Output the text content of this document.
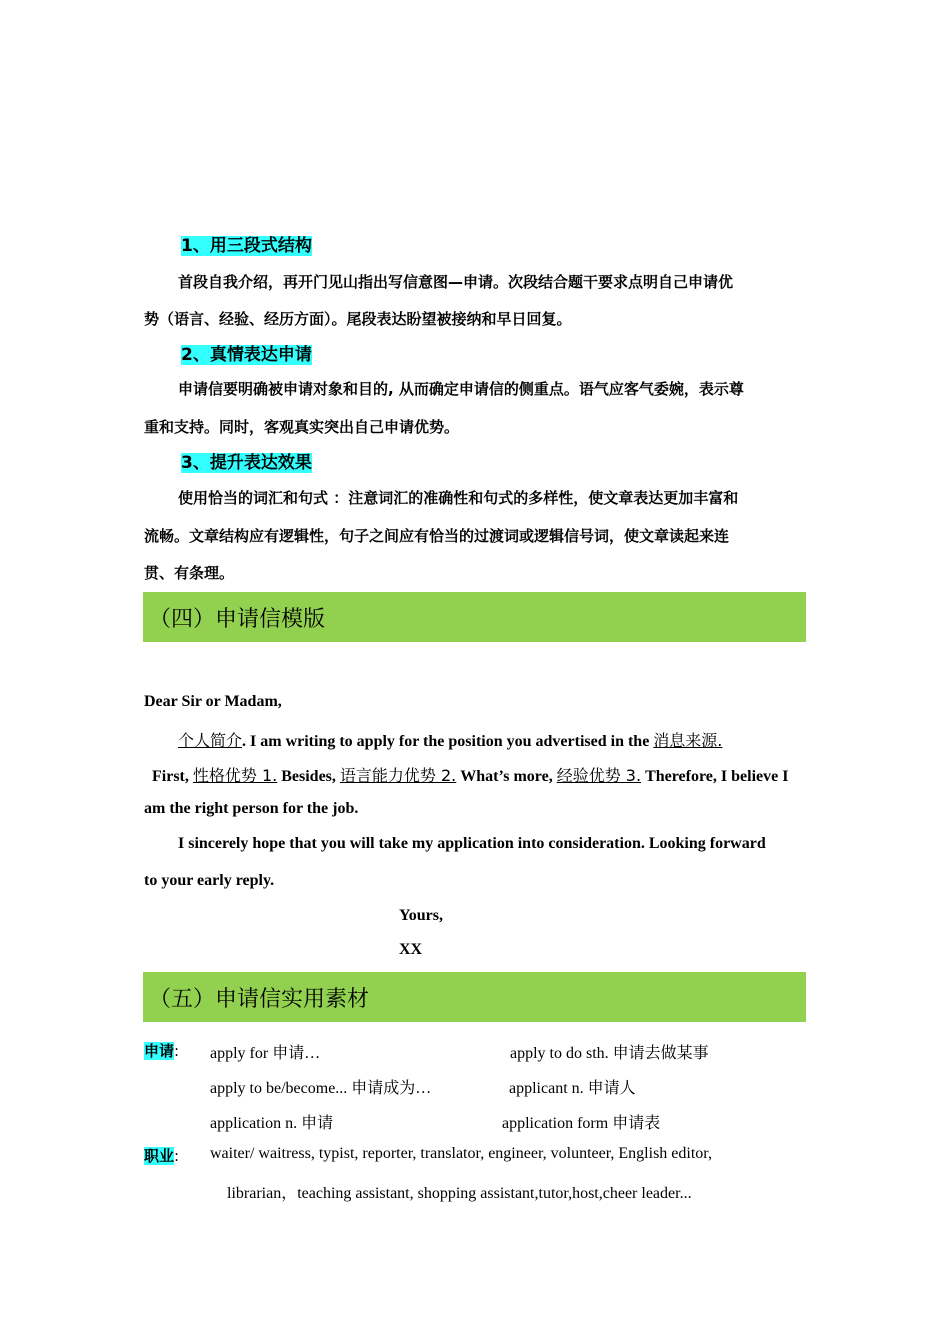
1、用三段式结构
首段自我介绍，再开门见山指出写信意图—申请。次段结合题干要求点明自己申请优
势（语言、经验、经历方面）。尾段表达盼望被接纳和早日回复。
2、真情表达申请
申请信要明确被申请对象和目的, 从而确定申请信的侧重点。语气应客气委婉，表示尊
重和支持。同时，客观真实突出自己申请优势。
3、提升表达效果
使用恰当的词汇和句式 ：注意词汇的准确性和句式的多样性，使文章表达更加丰富和
流畅。文章结构应有逻辑性，句子之间应有恰当的过渡词或逻辑信号词，使文章读起来连
贯、有条理。
（四）申请信模版
Dear Sir or Madam,
个人简介. I am writing to apply for the position you advertised in the 消息来源.
First, 性格优势 1. Besides, 语言能力优势 2. What’s more, 经验优势 3. Therefore, I believe I
am the right person for the job.
I sincerely hope that you will take my application into consideration. Looking forward
to your early reply.
Yours,
XX
（五）申请信实用素材
申请: apply for 申请…	apply to do sth. 申请去做某事
apply to be/become... 申请成为…	applicant n. 申请人
application n. 申请	application form 申请表
职业: waiter/ waitress, typist, reporter, translator, engineer, volunteer, English editor,
librarian，teaching assistant, shopping assistant,tutor,host,cheer leader...
